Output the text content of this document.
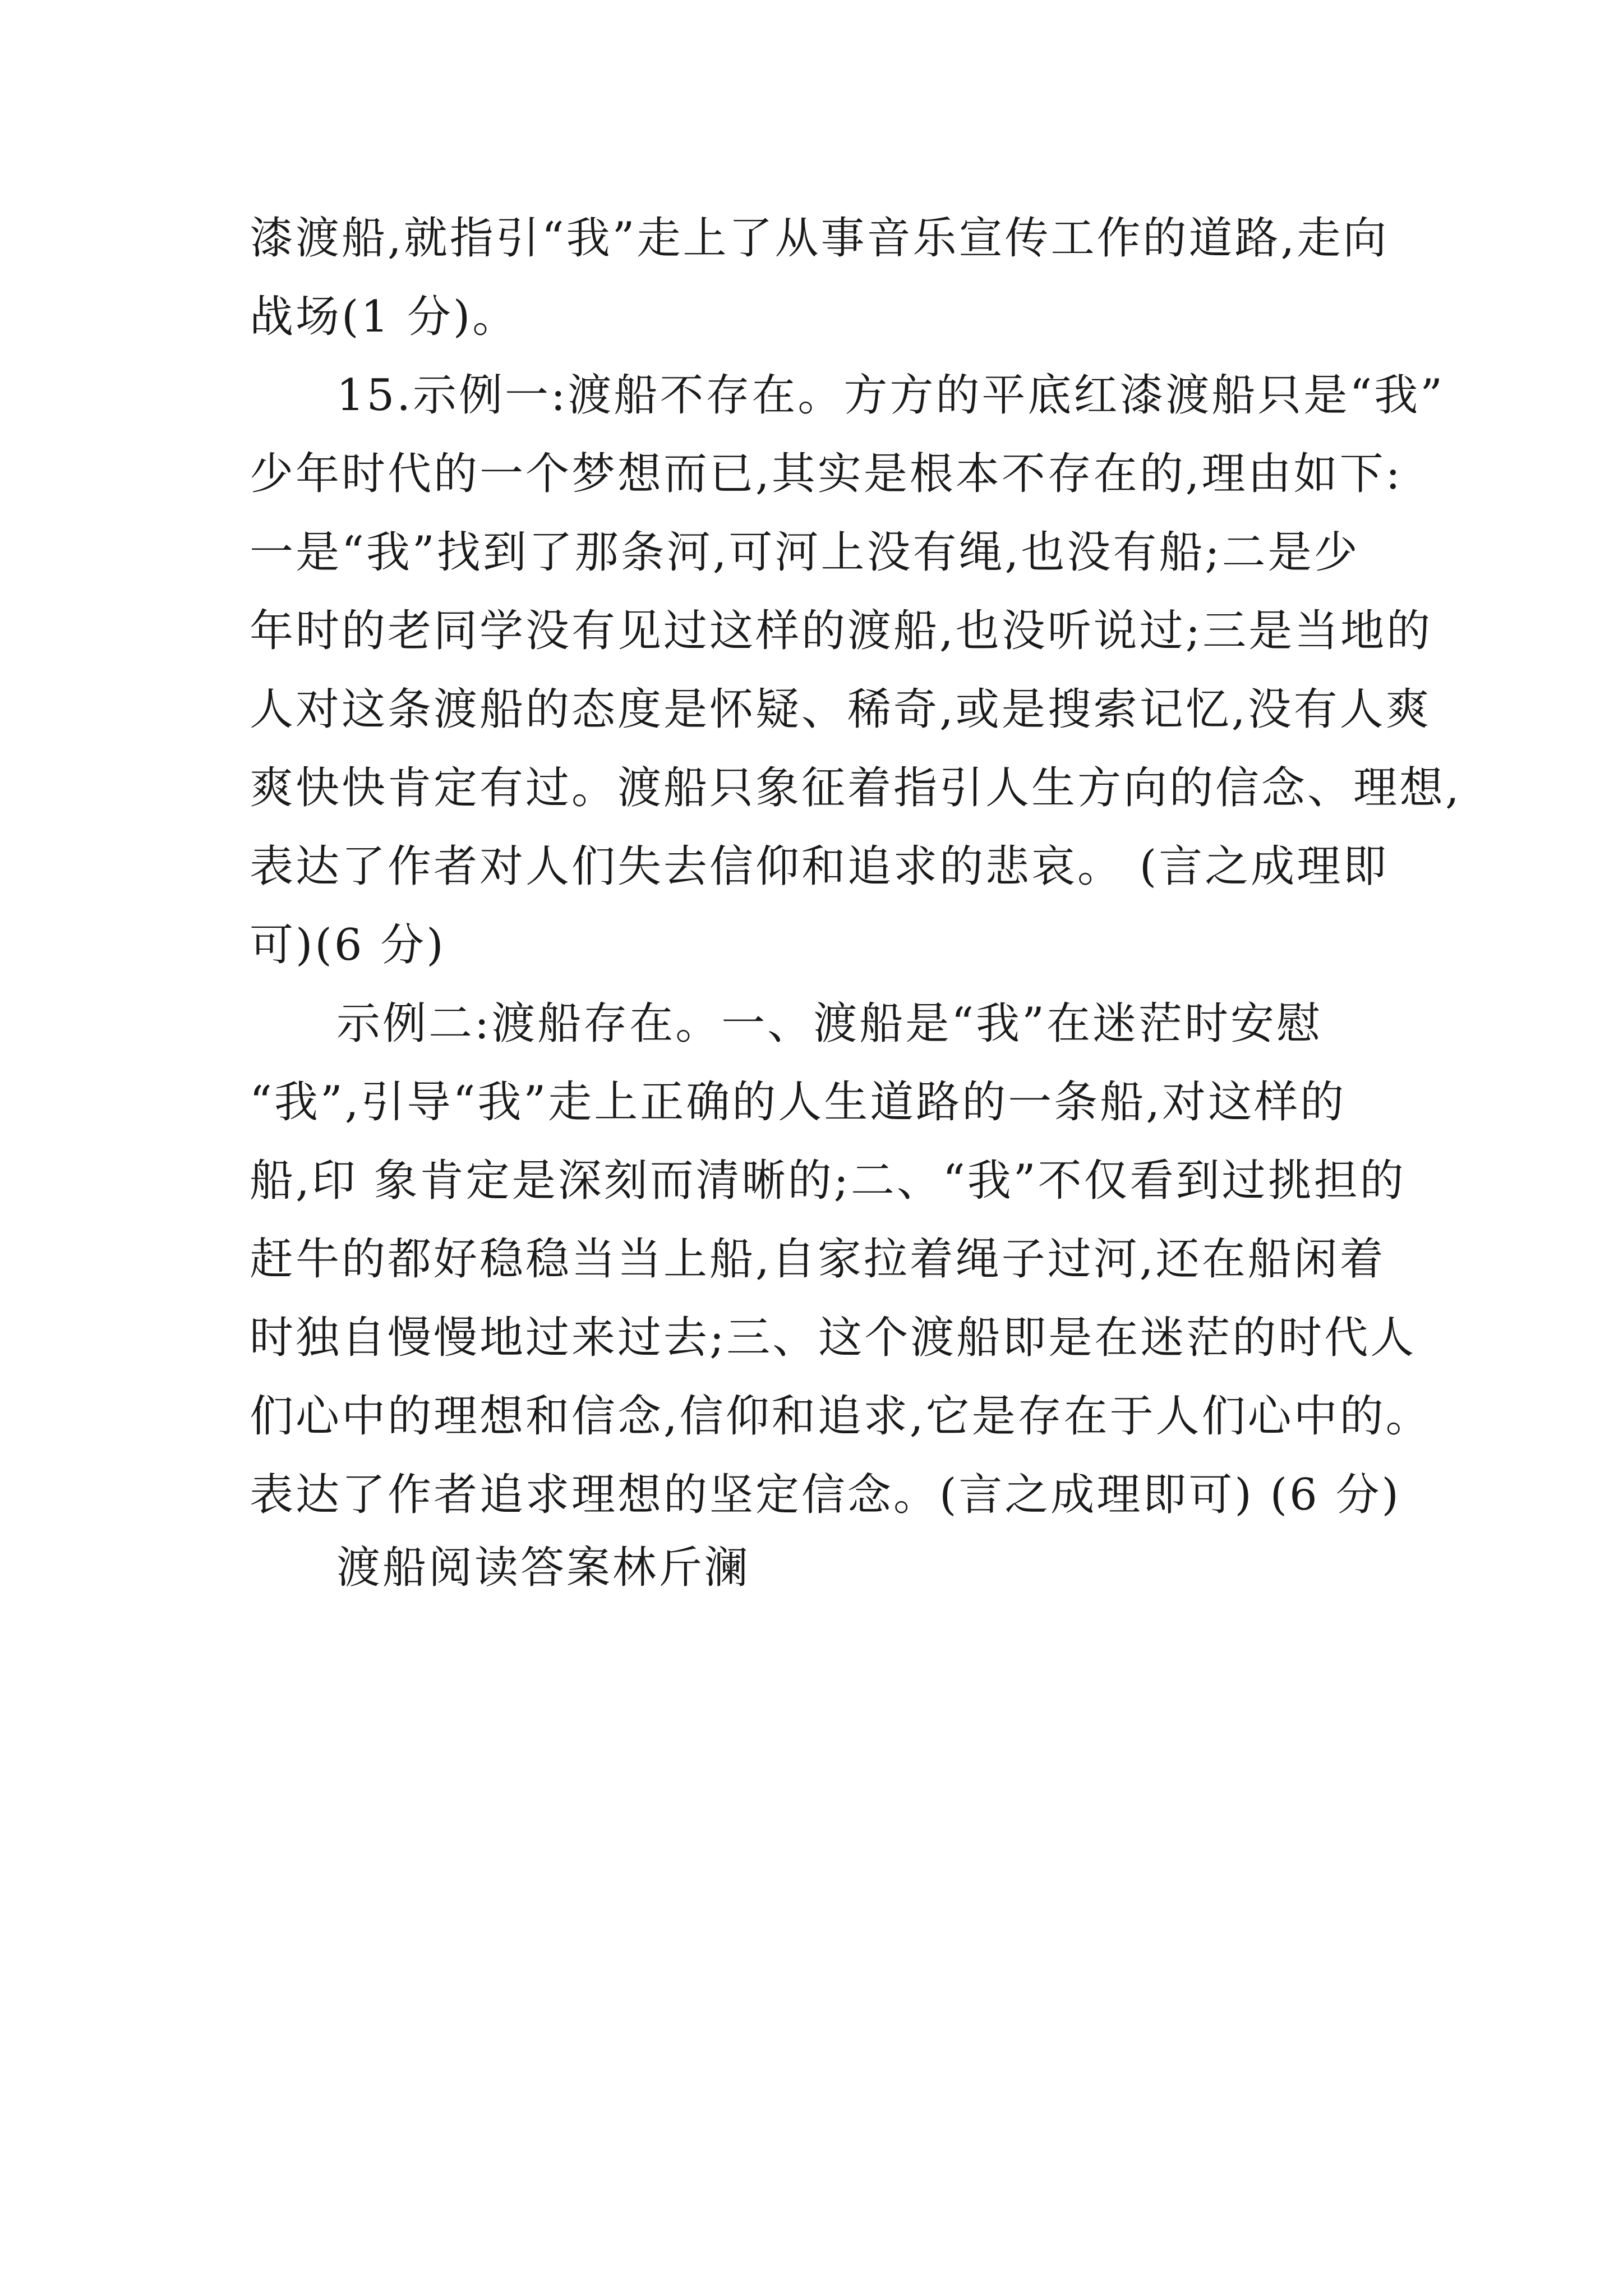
漆渡船,就指引“我”走上了从事音乐宣传工作的道路,走向
战场(1 分)。
15.示例一:渡船不存在。方方的平底红漆渡船只是“我”
少年时代的一个梦想而已,其实是根本不存在的,理由如下:
一是“我”找到了那条河,可河上没有绳,也没有船;二是少
年时的老同学没有见过这样的渡船,也没听说过;三是当地的
人对这条渡船的态度是怀疑、稀奇,或是搜索记忆,没有人爽
爽快快肯定有过。渡船只象征着指引人生方向的信念、理想,
表达了作者对人们失去信仰和追求的悲哀。 (言之成理即
可)(6 分)
示例二:渡船存在。一、渡船是“我”在迷茫时安慰
“我”,引导“我”走上正确的人生道路的一条船,对这样的
船,印 象肯定是深刻而清晰的;二、“我”不仅看到过挑担的
赶牛的都好稳稳当当上船,自家拉着绳子过河,还在船闲着
时独自慢慢地过来过去;三、这个渡船即是在迷茫的时代人
们心中的理想和信念,信仰和追求,它是存在于人们心中的。
表达了作者追求理想的坚定信念。(言之成理即可) (6 分)
渡船阅读答案林斤澜
